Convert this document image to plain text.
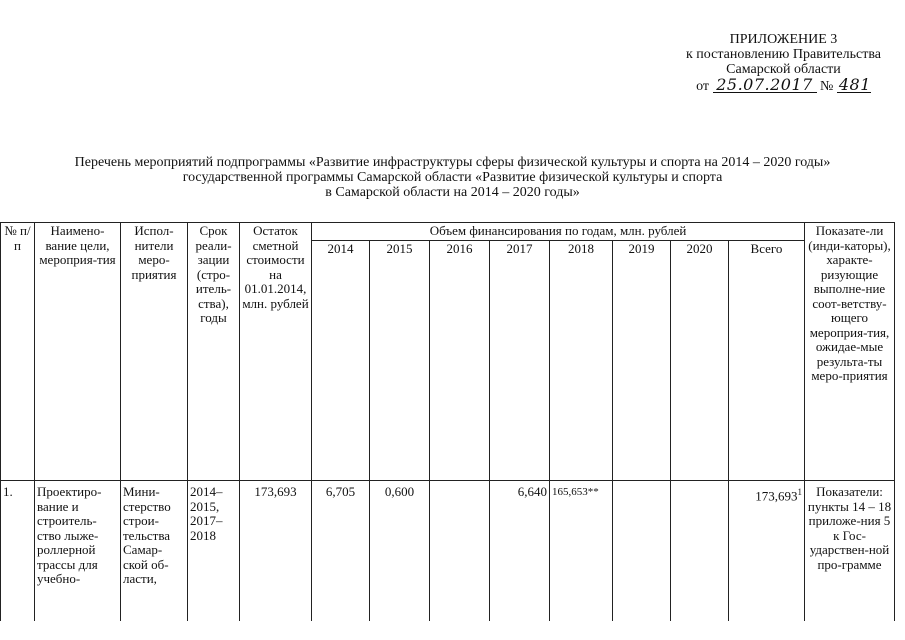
ПРИЛОЖЕНИЕ 3
к постановлению Правительства
Самарской области
от 25.07.2017 № 481
Перечень мероприятий подпрограммы «Развитие инфраструктуры сферы физической культуры и спорта на 2014 – 2020 годы»
государственной программы Самарской области «Развитие физической культуры и спорта
в Самарской области на 2014 – 2020 годы»
№ п/п	Наимено-вание цели, мероприя-тия	Испол-нители меро-приятия	Срок реали-зации (стро-итель-ства), годы	Остаток сметной стоимости на 01.01.2014, млн. рублей	Объем финансирования по годам, млн. рублей								Показате-ли (инди-каторы), характе-ризующие выполне-ние соот-ветству-ющего мероприя-тия, ожидае-мые результа-ты меро-приятия
					2014	2015	2016	2017	2018	2019	2020	Всего	
1.	Проектиро-вание и строитель-ство лыже-роллерной трассы для учебно-	Мини-стерство строи-тельства Самар-ской об-ласти,	2014– 2015, 2017– 2018	173,693	6,705	0,600		6,640	165,653**			173,693$^1$	Показатели: пункты 14 – 18 приложе-ния 5 к Гос-ударствен-ной про-грамме
